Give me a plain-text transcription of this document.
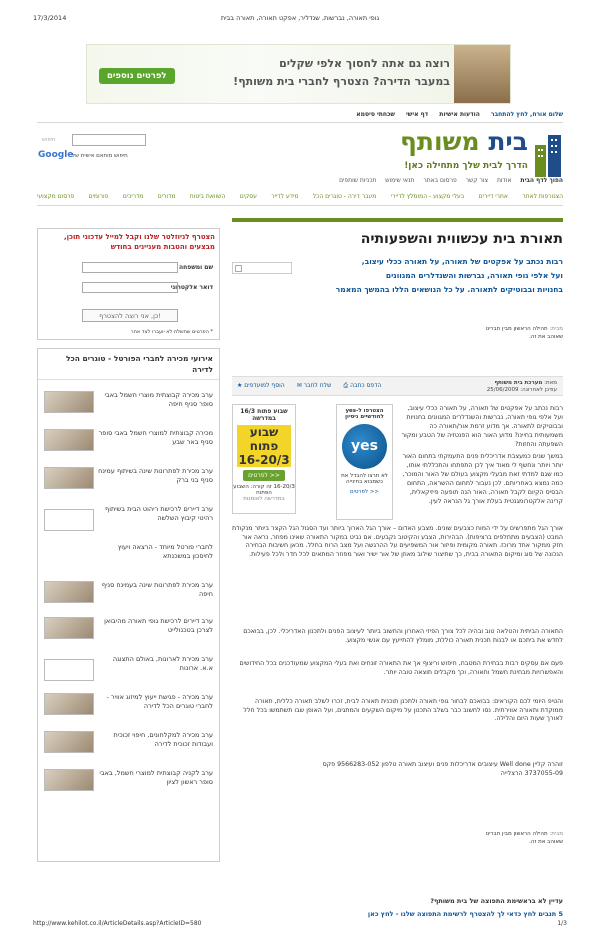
17/3/2014	גופי תאורה, נברשות, שנדליר, אפקט תאורה, תאורה בבית
רוצה גם אתה לחסוך אלפי שקלים
במעבר הדירה? הצטרף לחברי בית משותף!
לפרטים נוספים
שלום אורח, לחץ להתחבר הודעות אישיות דף אישי שכחתי סיסמא
חיפוש
Google
חיפוש מותאם אישית של	בית משותף
הדרך לבית שלך מתחילה כאן!
הפוך לדף הבית אודות צור קשר פרסום באתר תנאי שימוש תכניות שותפים
הצטרפות לאתר
אתרי דיירים
בעלי מקצוע - המומלץ לדיירי
מעבר דירה - טוגרים הכל
מידע לדייר
עסקים
השוואת ביטוח
מדורים
מדריכים
פורומים
פרסום מקצועי
תאורת בית עכשווית והשפעותיה
רבות נכתב על אפקטים של תאורה, על תאורה ככלי עיצוב,
ועל אלפי גופי תאורה, נברשות והשנדלרים המגוונים
בחנויות ובבוטיקים לתאורה. על כל הנושאים הללו בהמשך המאמר
מבית: תהילה הראשון מבין חברינו
שאוהב את זה.
★ הוסף למועדפים ✉ שלח לחבר ⎙ הדפס כתבה	מאת: מערכת בית משותף
עודכן לאחרונה: 25/06/2009
רבות נכתב על אפקטים של תאורה, על תאורה ככלי עיצוב, ועל אלפי גופי תאורה, נברשות והשנדלרים המגוונים בחנויות ובבוטיקים לתאורה. אך מדוע זרמת אור/תאורה כה משמעותית בחיינו? מדוע האור הוא הפנטזיה של הטבע ומקור השפעתה והחזות?
במשך שנים כמעצבת אדריכלית פנים התעמקתי בתחום האור יותר ויותר ונחשף לי מאוד איך לכן התפתחו והתכללתי אותו, כמו שגם למדתי זאת מבעלי מקצוע בעולם של האור והמוכר, כמה נמצא באחריותם. לכן נעבור לתחום ההשראה, התחום הבסיס הקיום לקבל תאורה, האור הנה תופעה פיזיקאלית, קרינה אלקטרומגנטית בעלת אורך גל הנראה לעין.
הצטרפו ל-yes לחודשיים ניסיון
yes
לא תרצו להבדל את כשמבוא בחינייה
לפרטים >>
16/3 שבוע פתוח במדרשה
שבוע פתוח
16-20/3
לפרטים >>
16-20/3 זה קורה: השבוע הפתוח
במדרשה לאומנות
אורך הגל מתפרשים על ידי המוח כצבעים שונים. מצבע האדום – אורך הגל הארוך ביותר ועד הסגול הגל הקצר ביותר מנקודת המבט (הצבעים מתחלפים ברציפות). הבהירות, הצבע והקיטוב נקבעים. אם נביט במקור התאורה שאינו מפוזר, נראה אור חזק ממקור אחד מרוכז. תאורה מקומית ופיזור אור המשפיעים על ההרגשה ועל מצב הרוח בחלל. מכאן חשיבות הבחירה הנכונה של סוג ומיקום התאורה בבית, כך שתיצור שילוב מאוזן של אור ישיר ואור מפוזר המתאים לכל חדר ולכל פעילות.
התאורה הביתית והטלאה טוב ובהיה לכל צורך הפיזי האחרון והחשוב ביותר לעיצוב הפנים ולתכנון האדריכלי. לכן, בבואכם לחדש את ביתכם או לבנות תכנית תאורה כוללת, מומלץ להתייעץ עם אנשי מקצוע.
פעם אם עסקים רבות בבחירת המטבח, חיפוש וריצוף אך את התאורה זונחים ואת בעלי המקצוע שמעודכנים בכל החידושים והאפשרויות מבחינת חשמל ותאורה, וכך מקבלים תוצאה טובה יותר.
והטיפ היומי לכם הקוראים: בבואכם לבחור גופי תאורה ולתכנן תוכנית תאורה לבית, זכרו לשלב תאורה כללית, תאורה ממוקדת ותאורה אווירתית. נסו לחשוב כבר בשלב התכנון על מיקום השקעים והמתגים, ועל האופן שבו תשתמשו בכל חלל לאורך שעות היום והלילה.
זוהרה קליין Well done עיצובים אדריכלות פנים ועיצוב תאורה טלפון 9566283-052 פקס 3737055-09 הרצלייה
מבית: תהילה הראשון מבין חברינו
שאוהב את זה.
עדיין לא בראשימת התפוצה של בית משותף?
5 תנבים לחץ כדאי לך להצטרף לרשימת התפוצה שלנו - לחץ כאן
הצטרף לניוזלטר שלנו וקבל למייל עדכוני תוכן, מבצעים והטבות מעניינים בחודש
שם ומשפחה
דואר אלקטרוני
כן, אני רוצה להצטרף!
* הפרטים שתשלח לא יועברו לצד אחר
אירועי מכירה לחברי הפורטל - טוגרים הכל לדירה
ערב מכירה קבוצתית מוצרי חשמל באבי סופר סניף חיפה
מכירה קבוצתית למוצרי חשמל באבי סופר סניף באר שבע
ערב מכירת לפתרונות שינה בשיתוף עמינח סניף בני ברק
ערב דיירים לרכישת ריהוט הבית בשיתוף רהיטי קיבוץ השלשה
לחברי פורטל מיוחד - הרצאה ויעוץ לחיסכון במשכנתא
ערב מכירת לפתרונות שינה בעמינח סניף חיפה
ערב דיירים לרכישת גופי תאורה מהיבואן לצרכן בטכנולייט
ערב מכירת לארונות, באולם התצוגה א.א. ארונות
ערב מכירה - פגישת ייעוץ למיזוג אוויר - לחברי טוגרים הכל לדירה
ערב מכירה למקלחונים, חיפוי זכוכית ועבודות זכוכית לדירה
ערב לקניה קבוצתית למוצרי חשמל, באבי סופר ראשון לציון
http://www.kehilot.co.il/ArticleDetails.asp?ArticleID=580	1/3
